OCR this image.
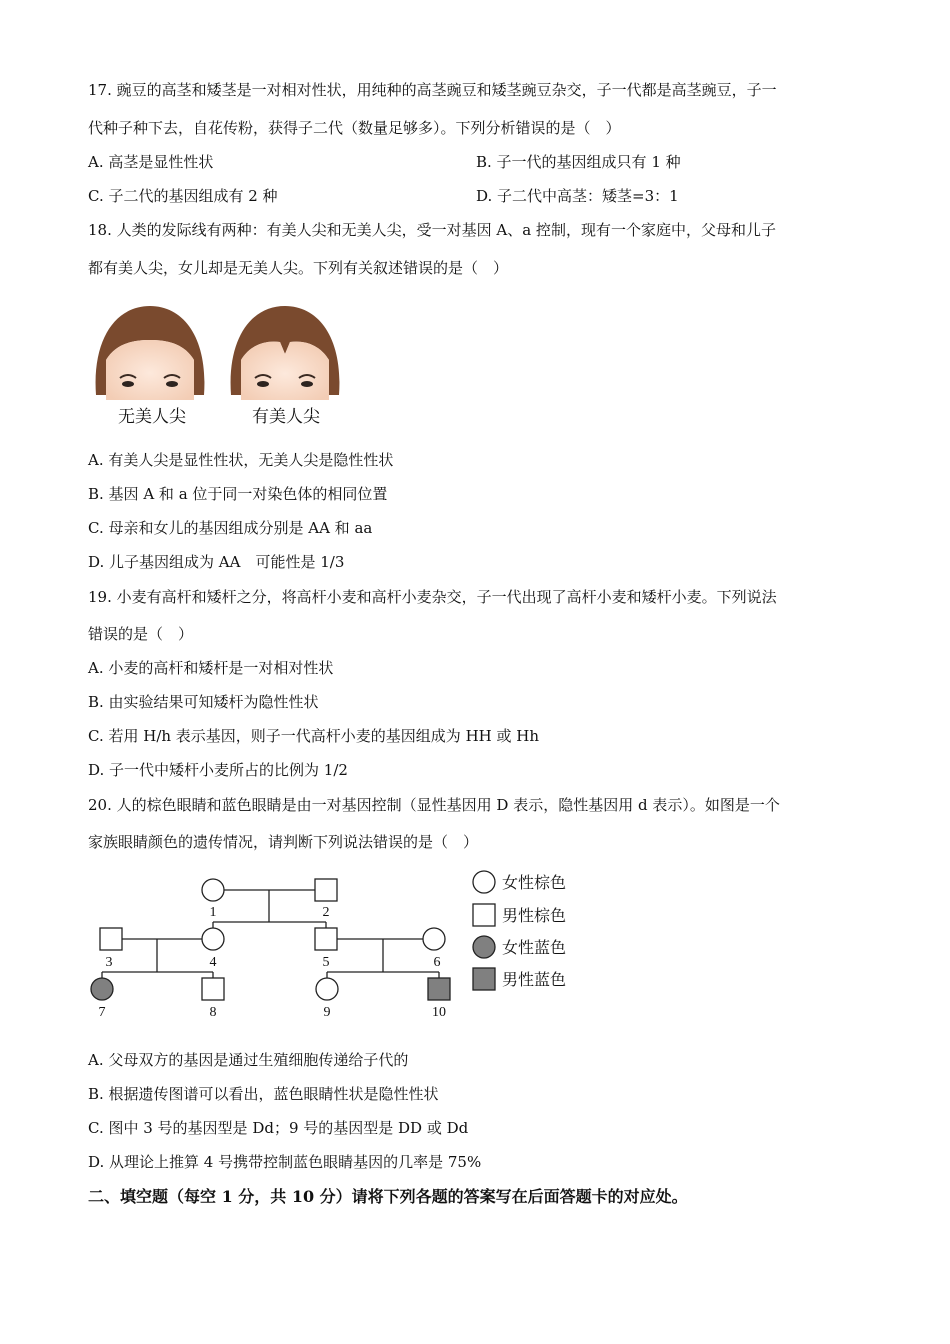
17. 豌豆的高茎和矮茎是一对相对性状，用纯种的高茎豌豆和矮茎豌豆杂交，子一代都是高茎豌豆，子一
代种子种下去，自花传粉，获得子二代（数量足够多）。下列分析错误的是（　）
A. 高茎是显性性状	B. 子一代的基因组成只有 1 种
C. 子二代的基因组成有 2 种	D. 子二代中高茎：矮茎=3：1
18. 人类的发际线有两种：有美人尖和无美人尖，受一对基因 A、a 控制，现有一个家庭中，父母和儿子
都有美人尖，女儿却是无美人尖。下列有关叙述错误的是（　）
无美人尖	有美人尖
A. 有美人尖是显性性状，无美人尖是隐性性状
B. 基因 A 和 a 位于同一对染色体的相同位置
C. 母亲和女儿的基因组成分别是 AA 和 aa
D. 儿子基因组成为 AA　可能性是 1/3
19. 小麦有高杆和矮杆之分，将高杆小麦和高杆小麦杂交，子一代出现了高杆小麦和矮杆小麦。下列说法
错误的是（　）
A. 小麦的高杆和矮杆是一对相对性状
B. 由实验结果可知矮杆为隐性性状
C. 若用 H/h 表示基因，则子一代高杆小麦的基因组成为 HH 或 Hh
D. 子一代中矮杆小麦所占的比例为 1/2
20. 人的棕色眼睛和蓝色眼睛是由一对基因控制（显性基因用 D 表示，隐性基因用 d 表示）。如图是一个
家族眼睛颜色的遗传情况，请判断下列说法错误的是（　）
1	2
3	4	5	6
7	8	9	10
女性棕色
男性棕色
女性蓝色
男性蓝色
A. 父母双方的基因是通过生殖细胞传递给子代的
B. 根据遗传图谱可以看出，蓝色眼睛性状是隐性性状
C. 图中 3 号的基因型是 Dd；9 号的基因型是 DD 或 Dd
D. 从理论上推算 4 号携带控制蓝色眼睛基因的几率是 75%
二、填空题（每空 1 分，共 10 分）请将下列各题的答案写在后面答题卡的对应处。
